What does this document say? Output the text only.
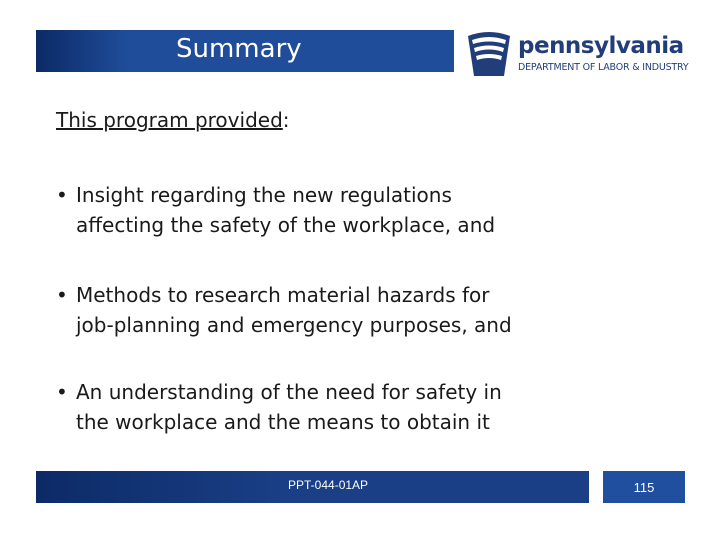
Summary	pennsylvania
DEPARTMENT OF LABOR & INDUSTRY
This program provided:
• Insight regarding the new regulations
affecting the safety of the workplace, and
• Methods to research material hazards for
job-planning and emergency purposes, and
• An understanding of the need for safety in
the workplace and the means to obtain it
PPT-044-01AP	115
